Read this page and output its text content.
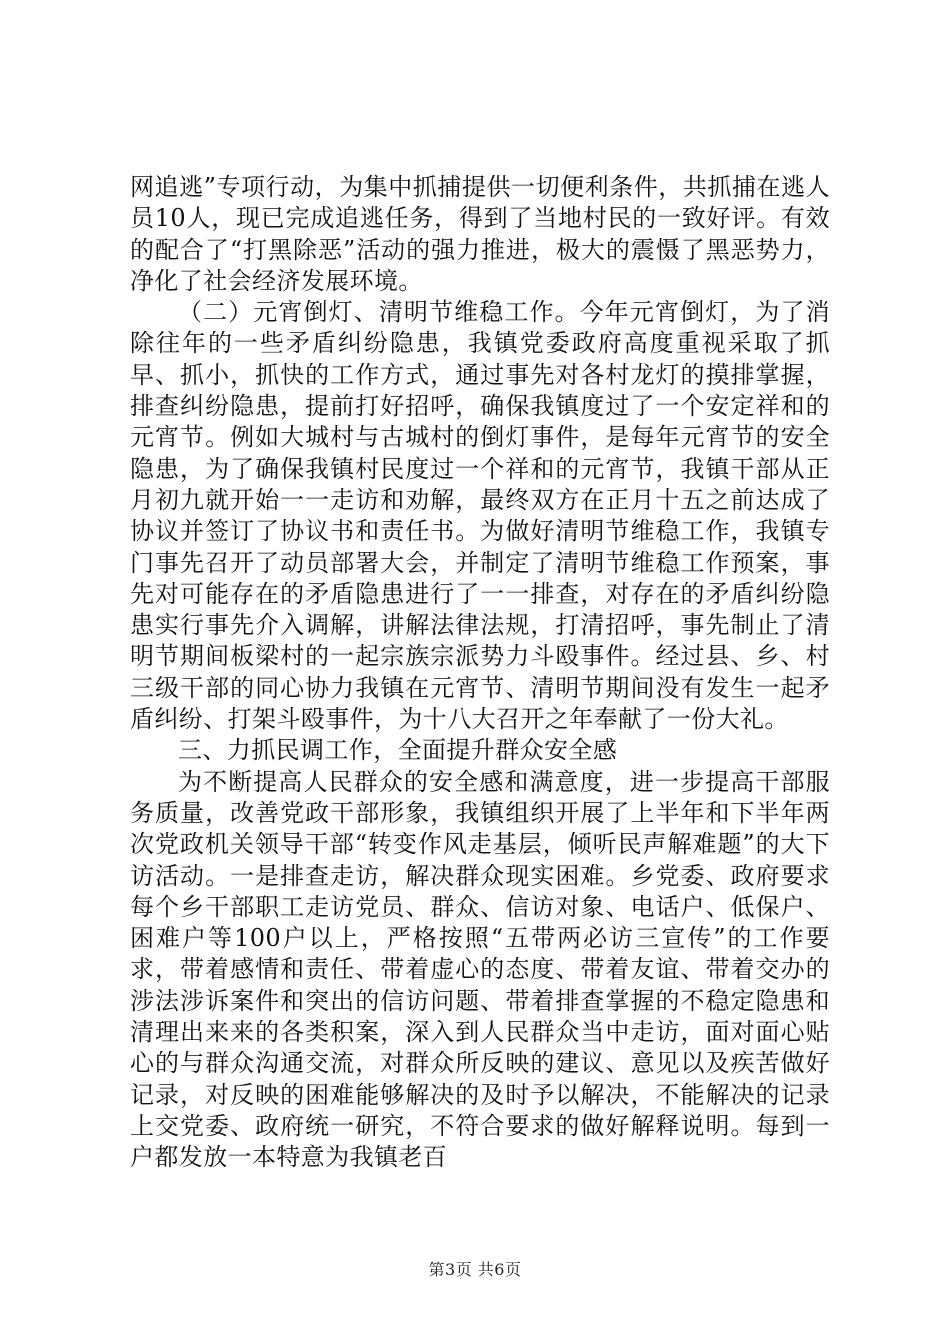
网追逃”专项行动，为集中抓捕提供一切便利条件，共抓捕在逃人员10人，现已完成追逃任务，得到了当地村民的一致好评。有效的配合了“打黑除恶”活动的强力推进，极大的震慑了黑恶势力，净化了社会经济发展环境。

（二）元宵倒灯、清明节维稳工作。今年元宵倒灯，为了消除往年的一些矛盾纠纷隐患，我镇党委政府高度重视采取了抓早、抓小，抓快的工作方式，通过事先对各村龙灯的摸排掌握，排查纠纷隐患，提前打好招呼，确保我镇度过了一个安定祥和的元宵节。例如大城村与古城村的倒灯事件，是每年元宵节的安全隐患，为了确保我镇村民度过一个祥和的元宵节，我镇干部从正月初九就开始一一走访和劝解，最终双方在正月十五之前达成了协议并签订了协议书和责任书。为做好清明节维稳工作，我镇专门事先召开了动员部署大会，并制定了清明节维稳工作预案，事先对可能存在的矛盾隐患进行了一一排查，对存在的矛盾纠纷隐患实行事先介入调解，讲解法律法规，打清招呼，事先制止了清明节期间板梁村的一起宗族宗派势力斗殴事件。经过县、乡、村三级干部的同心协力我镇在元宵节、清明节期间没有发生一起矛盾纠纷、打架斗殴事件，为十八大召开之年奉献了一份大礼。

三、力抓民调工作，全面提升群众安全感

为不断提高人民群众的安全感和满意度，进一步提高干部服务质量，改善党政干部形象，我镇组织开展了上半年和下半年两次党政机关领导干部“转变作风走基层，倾听民声解难题”的大下访活动。一是排查走访，解决群众现实困难。乡党委、政府要求每个乡干部职工走访党员、群众、信访对象、电话户、低保户、困难户等100户以上，严格按照“五带两必访三宣传”的工作要求，带着感情和责任、带着虚心的态度、带着友谊、带着交办的涉法涉诉案件和突出的信访问题、带着排查掌握的不稳定隐患和清理出来来的各类积案，深入到人民群众当中走访，面对面心贴心的与群众沟通交流，对群众所反映的建议、意见以及疾苦做好记录，对反映的困难能够解决的及时予以解决，不能解决的记录上交党委、政府统一研究，不符合要求的做好解释说明。每到一户都发放一本特意为我镇老百

第3页 共6页
